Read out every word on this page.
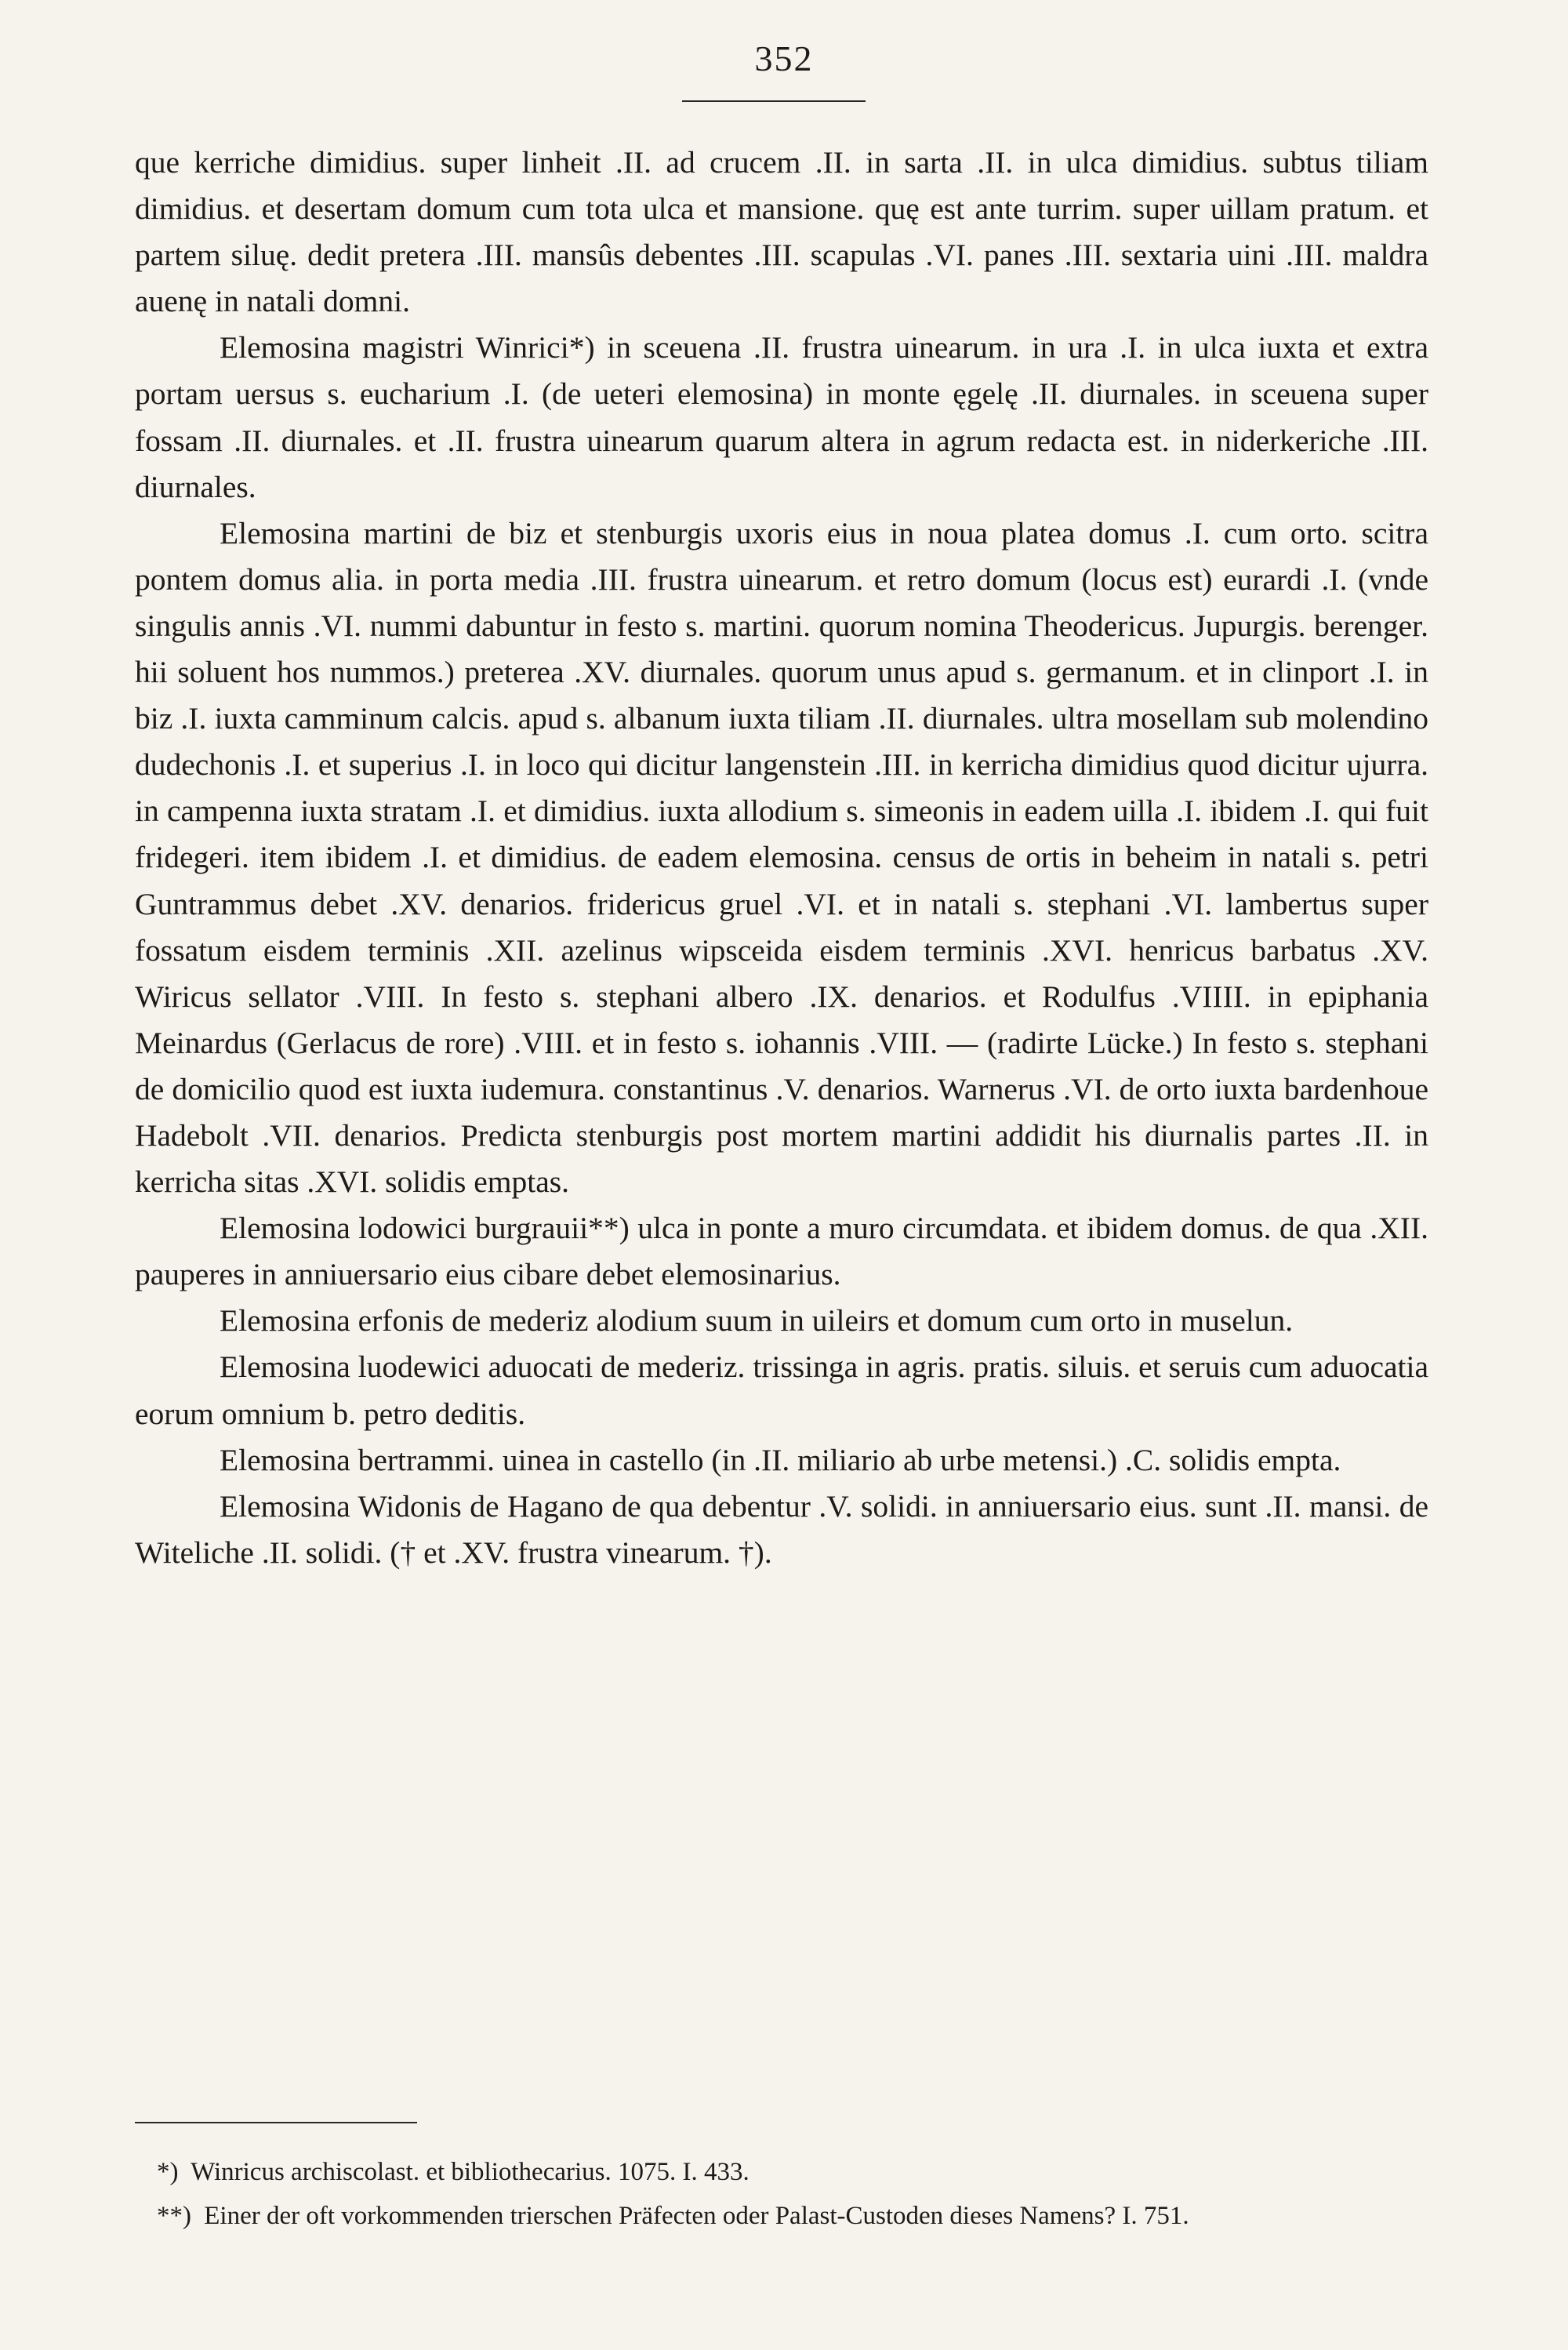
352

que kerriche dimidius. super linheit .II. ad crucem .II. in sarta .II. in ulca dimidius. subtus tiliam dimidius. et desertam domum cum tota ulca et mansione. quę est ante turrim. super uillam pratum. et partem siluę. dedit pretera .III. mansûs debentes .III. scapulas .VI. panes .III. sextaria uini .III. maldra auenę in natali domni.

Elemosina magistri Winrici*) in sceuena .II. frustra uinearum. in ura .I. in ulca iuxta et extra portam uersus s. eucharium .I. (de ueteri elemosina) in monte ęgelę .II. diurnales. in sceuena super fossam .II. diurnales. et .II. frustra uinearum quarum altera in agrum redacta est. in niderkeriche .III. diurnales.

Elemosina martini de biz et stenburgis uxoris eius in noua platea domus .I. cum orto. scitra pontem domus alia. in porta media .III. frustra uinearum. et retro domum (locus est) eurardi .I. (vnde singulis annis .VI. nummi dabuntur in festo s. martini. quorum nomina Theodericus. Jupurgis. berenger. hii soluent hos nummos.) preterea .XV. diurnales. quorum unus apud s. germanum. et in clinport .I. in biz .I. iuxta camminum calcis. apud s. albanum iuxta tiliam .II. diurnales. ultra mosellam sub molendino dudechonis .I. et superius .I. in loco qui dicitur langenstein .III. in kerricha dimidius quod dicitur ujurra. in campenna iuxta stratam .I. et dimidius. iuxta allodium s. simeonis in eadem uilla .I. ibidem .I. qui fuit fridegeri. item ibidem .I. et dimidius. de eadem elemosina. census de ortis in beheim in natali s. petri Guntrammus debet .XV. denarios. fridericus gruel .VI. et in natali s. stephani .VI. lambertus super fossatum eisdem terminis .XII. azelinus wipsceida eisdem terminis .XVI. henricus barbatus .XV. Wiricus sellator .VIII. In festo s. stephani albero .IX. denarios. et Rodulfus .VIIII. in epiphania Meinardus (Gerlacus de rore) .VIII. et in festo s. iohannis .VIII. — (radirte Lücke.) In festo s. stephani de domicilio quod est iuxta iudemura. constantinus .V. denarios. Warnerus .VI. de orto iuxta bardenhoue Hadebolt .VII. denarios. Predicta stenburgis post mortem martini addidit his diurnalis partes .II. in kerricha sitas .XVI. solidis emptas.

Elemosina lodowici burgrauii**) ulca in ponte a muro circumdata. et ibidem domus. de qua .XII. pauperes in anniuersario eius cibare debet elemosinarius.

Elemosina erfonis de mederiz alodium suum in uileirs et domum cum orto in muselun.

Elemosina luodewici aduocati de mederiz. trissinga in agris. pratis. siluis. et seruis cum aduocatia eorum omnium b. petro deditis.

Elemosina bertrammi. uinea in castello (in .II. miliario ab urbe metensi.) .C. solidis empta.

Elemosina Widonis de Hagano de qua debentur .V. solidi. in anniuersario eius. sunt .II. mansi. de Witeliche .II. solidi. († et .XV. frustra vinearum. †).

*) Winricus archiscolast. et bibliothecarius. 1075. I. 433.

**) Einer der oft vorkommenden trierschen Präfecten oder Palast-Custoden dieses Namens? I. 751.
